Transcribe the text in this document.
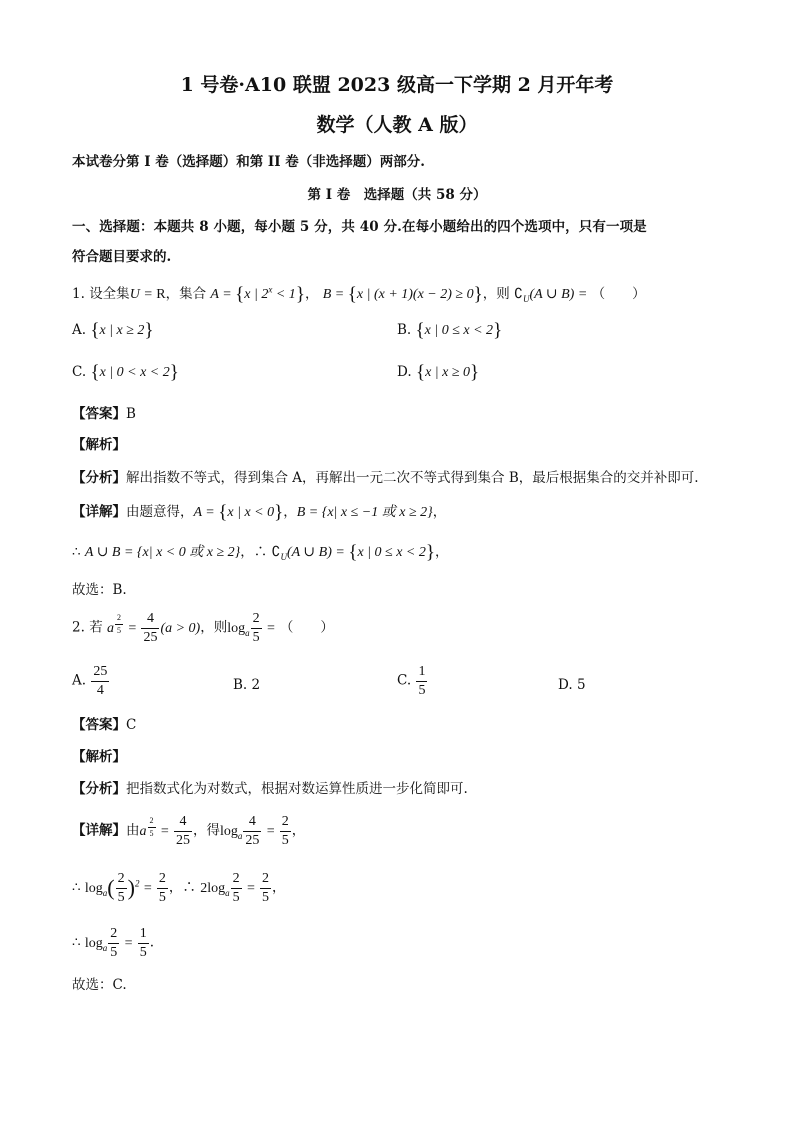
1 号卷·A10 联盟 2023 级高一下学期 2 月开年考
数学（人教 A 版）
本试卷分第 I 卷（选择题）和第 II 卷（非选择题）两部分.
第 I 卷　选择题（共 58 分）
一、选择题：本题共 8 小题，每小题 5 分，共 40 分.在每小题给出的四个选项中，只有一项是
符合题目要求的.
1. 设全集U = R，集合 A = {x | $2^x < 1$}， B = {x | (x + 1)(x − 2) ≥ 0}，则 $∁_U(A$ ∪ B) = （　　）
A. {x | x ≥ 2}	B. {x | 0 ≤ x < 2}
C. {x | 0 < x < 2}	D. {x | x ≥ 0}
【答案】B
【解析】
【分析】解出指数不等式，得到集合 A，再解出一元二次不等式得到集合 B，最后根据集合的交并补即可.
【详解】由题意得，A = {x | x < 0}，B = {x| x ≤ −1 或 x ≥ 2}，
∴ A ∪ B = {x| x < 0 或 x ≥ 2}，∴ $∁_U(A$ ∪ B) = {x | 0 ≤ x < 2}，
故选：B.
2. 若 a $^{\frac{2}{5}} = \frac{4}{25} (a > 0)$，则$\log_a \frac{2}{5}$ = （　　）
A. $\frac{25}{4}$	B. 2	C. $\frac{1}{5}$	D. 5
【答案】C
【解析】
【分析】把指数式化为对数式，根据对数运算性质进一步化简即可.
【详解】由a $^{\frac{2}{5}} = \frac{4}{25}$ ，得$\log_a \frac{4}{25} = \frac{2}{5}$ ，
∴ $\log_a( \frac{2}{5} )^2 = \frac{2}{5}$ ，∴ $2\log_a \frac{2}{5} = \frac{2}{5}$ ，
∴ $\log_a \frac{2}{5} = \frac{1}{5}$ .
故选：C.
